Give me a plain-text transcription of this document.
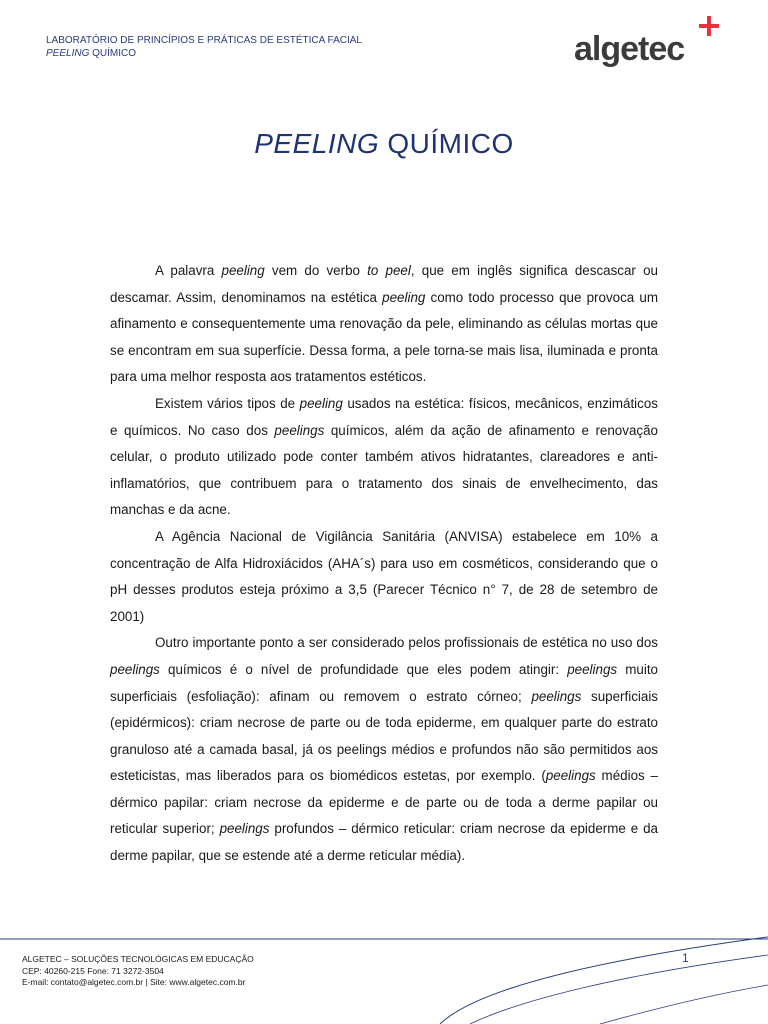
LABORATÓRIO DE PRINCÍPIOS E PRÁTICAS DE ESTÉTICA FACIAL
PEELING QUÍMICO	algetec
PEELING QUÍMICO

A palavra peeling vem do verbo to peel, que em inglês significa descascar ou descamar. Assim, denominamos na estética peeling como todo processo que provoca um afinamento e consequentemente uma renovação da pele, eliminando as células mortas que se encontram em sua superfície. Dessa forma, a pele torna-se mais lisa, iluminada e pronta para uma melhor resposta aos tratamentos estéticos.

Existem vários tipos de peeling usados na estética: físicos, mecânicos, enzimáticos e químicos. No caso dos peelings químicos, além da ação de afinamento e renovação celular, o produto utilizado pode conter também ativos hidratantes, clareadores e anti-inflamatórios, que contribuem para o tratamento dos sinais de envelhecimento, das manchas e da acne.

A Agência Nacional de Vigilância Sanitária (ANVISA) estabelece em 10% a concentração de Alfa Hidroxiácidos (AHA´s) para uso em cosméticos, considerando que o pH desses produtos esteja próximo a 3,5 (Parecer Técnico n° 7, de 28 de setembro de 2001)

Outro importante ponto a ser considerado pelos profissionais de estética no uso dos peelings químicos é o nível de profundidade que eles podem atingir: peelings muito superficiais (esfoliação): afinam ou removem o estrato córneo; peelings superficiais (epidérmicos): criam necrose de parte ou de toda epiderme, em qualquer parte do estrato granuloso até a camada basal, já os peelings médios e profundos não são permitidos aos esteticistas, mas liberados para os biomédicos estetas, por exemplo. (peelings médios – dérmico papilar: criam necrose da epiderme e de parte ou de toda a derme papilar ou reticular superior; peelings profundos – dérmico reticular: criam necrose da epiderme e da derme papilar, que se estende até a derme reticular média).

ALGETEC – SOLUÇÕES TECNOLÓGICAS EM EDUCAÇÃO
CEP: 40260-215 Fone: 71 3272-3504
E-mail: contato@algetec.com.br | Site: www.algetec.com.br
1
